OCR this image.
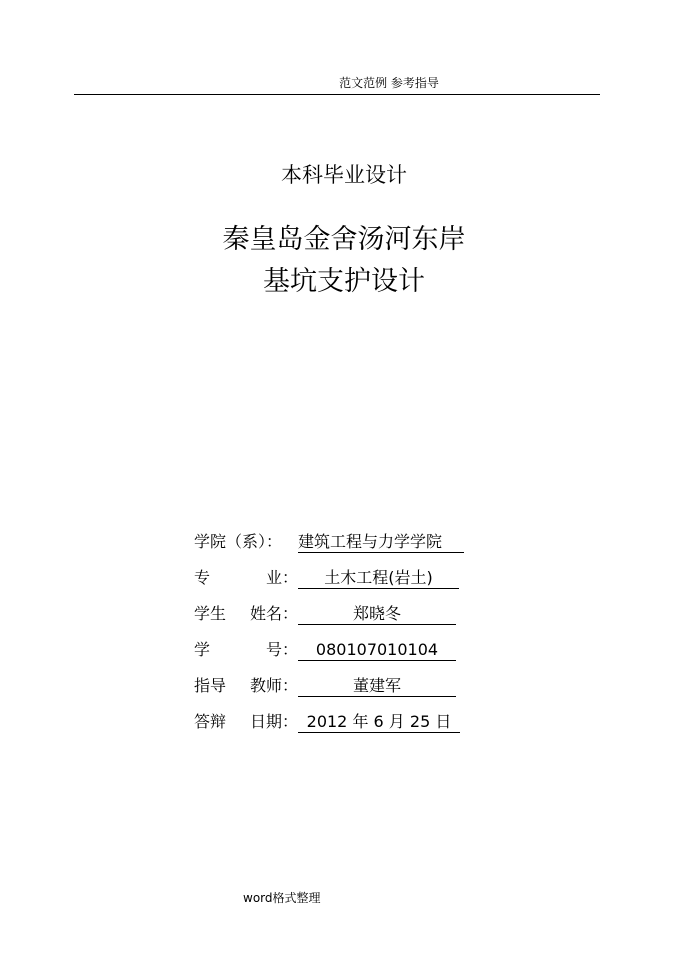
范文范例 参考指导
本科毕业设计
秦皇岛金舍汤河东岸
基坑支护设计
学院（系）： 建筑工程与力学学院
专	业：	土木工程(岩土)
学生 姓名：	郑晓冬
学	号：	080107010104
指导 教师：	董建军
答辩 日期： 2012 年 6 月 25 日
word格式整理
